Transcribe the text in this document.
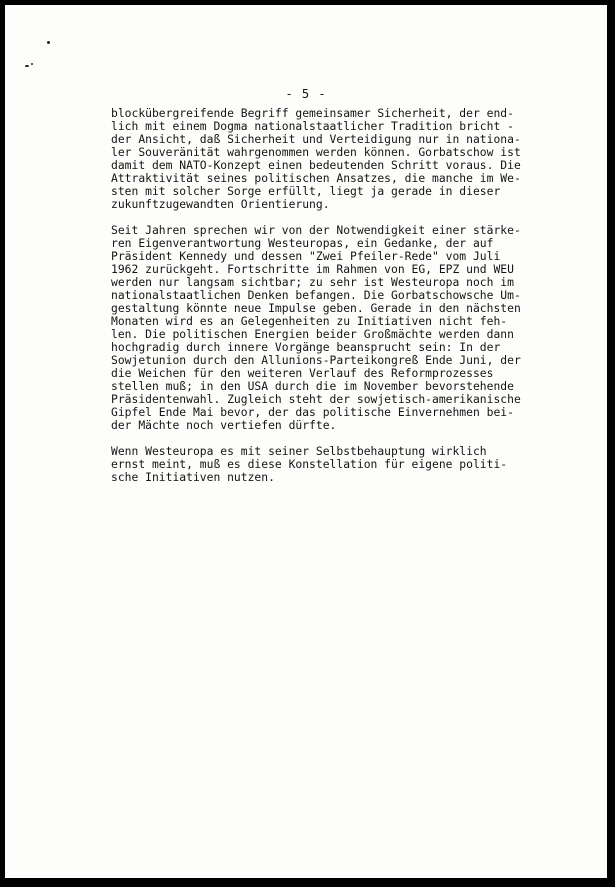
- 5 -

blockübergreifende Begriff gemeinsamer Sicherheit, der end-
lich mit einem Dogma nationalstaatlicher Tradition bricht -
der Ansicht, daß Sicherheit und Verteidigung nur in nationa-
ler Souveränität wahrgenommen werden können. Gorbatschow ist
damit dem NATO-Konzept einen bedeutenden Schritt voraus. Die
Attraktivität seines politischen Ansatzes, die manche im We-
sten mit solcher Sorge erfüllt, liegt ja gerade in dieser
zukunftzugewandten Orientierung.

Seit Jahren sprechen wir von der Notwendigkeit einer stärke-
ren Eigenverantwortung Westeuropas, ein Gedanke, der auf
Präsident Kennedy und dessen "Zwei Pfeiler-Rede" vom Juli
1962 zurückgeht. Fortschritte im Rahmen von EG, EPZ und WEU
werden nur langsam sichtbar; zu sehr ist Westeuropa noch im
nationalstaatlichen Denken befangen. Die Gorbatschowsche Um-
gestaltung könnte neue Impulse geben. Gerade in den nächsten
Monaten wird es an Gelegenheiten zu Initiativen nicht feh-
len. Die politischen Energien beider Großmächte werden dann
hochgradig durch innere Vorgänge beansprucht sein: In der
Sowjetunion durch den Allunions-Parteikongreß Ende Juni, der
die Weichen für den weiteren Verlauf des Reformprozesses
stellen muß; in den USA durch die im November bevorstehende
Präsidentenwahl. Zugleich steht der sowjetisch-amerikanische
Gipfel Ende Mai bevor, der das politische Einvernehmen bei-
der Mächte noch vertiefen dürfte.

Wenn Westeuropa es mit seiner Selbstbehauptung wirklich
ernst meint, muß es diese Konstellation für eigene politi-
sche Initiativen nutzen.
